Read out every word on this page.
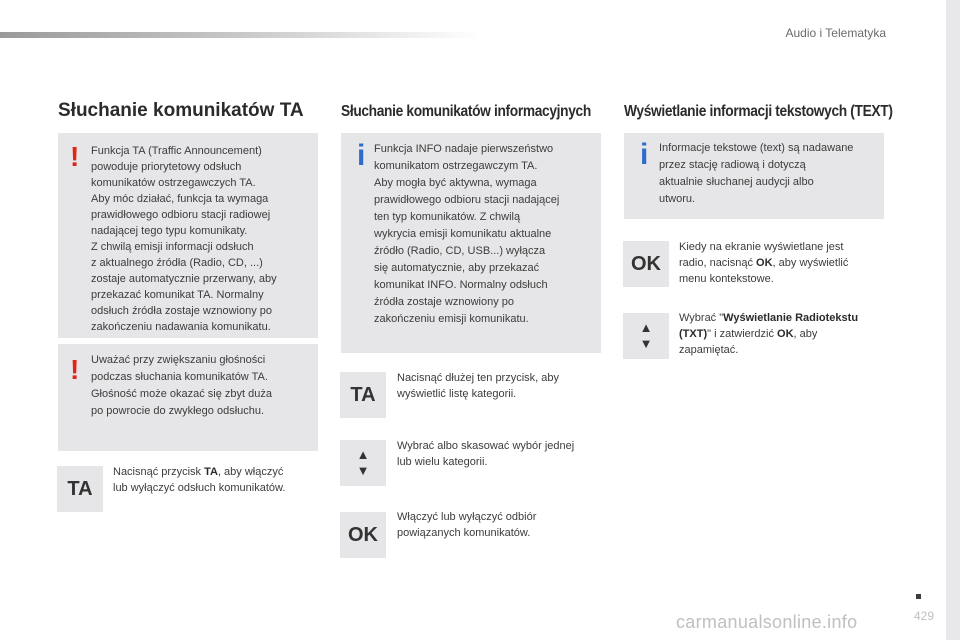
Audio i Telematyka
Słuchanie komunikatów TA
! Funkcja TA (Traffic Announcement)
powoduje priorytetowy odsłuch
komunikatów ostrzegawczych TA.
Aby móc działać, funkcja ta wymaga
prawidłowego odbioru stacji radiowej
nadającej tego typu komunikaty.
Z chwilą emisji informacji odsłuch
z aktualnego źródła (Radio, CD, ...)
zostaje automatycznie przerwany, aby
przekazać komunikat TA. Normalny
odsłuch źródła zostaje wznowiony po
zakończeniu nadawania komunikatu.

! Uważać przy zwiększaniu głośności
podczas słuchania komunikatów TA.
Głośność może okazać się zbyt duża
po powrocie do zwykłego odsłuchu.

TA

Nacisnąć przycisk TA, aby włączyć
lub wyłączyć odsłuch komunikatów.

Słuchanie komunikatów informacyjnych
i Funkcja INFO nadaje pierwszeństwo
komunikatom ostrzegawczym TA.
Aby mogła być aktywna, wymaga
prawidłowego odbioru stacji nadającej
ten typ komunikatów. Z chwilą
wykrycia emisji komunikatu aktualne
źródło (Radio, CD, USB...) wyłącza
się automatycznie, aby przekazać
komunikat INFO. Normalny odsłuch
źródła zostaje wznowiony po
zakończeniu emisji komunikatu.

TA

Nacisnąć dłużej ten przycisk, aby
wyświetlić listę kategorii.

▲
▼

Wybrać albo skasować wybór jednej
lub wielu kategorii.

OK

Włączyć lub wyłączyć odbiór
powiązanych komunikatów.

Wyświetlanie informacji tekstowych (TEXT)
i Informacje tekstowe (text) są nadawane
przez stację radiową i dotyczą
aktualnie słuchanej audycji albo
utworu.

OK

Kiedy na ekranie wyświetlane jest
radio, nacisnąć OK, aby wyświetlić
menu kontekstowe.

▲
▼

Wybrać "Wyświetlanie Radiotekstu
(TXT)" i zatwierdzić OK, aby
zapamiętać.

429
carmanualsonline.info
